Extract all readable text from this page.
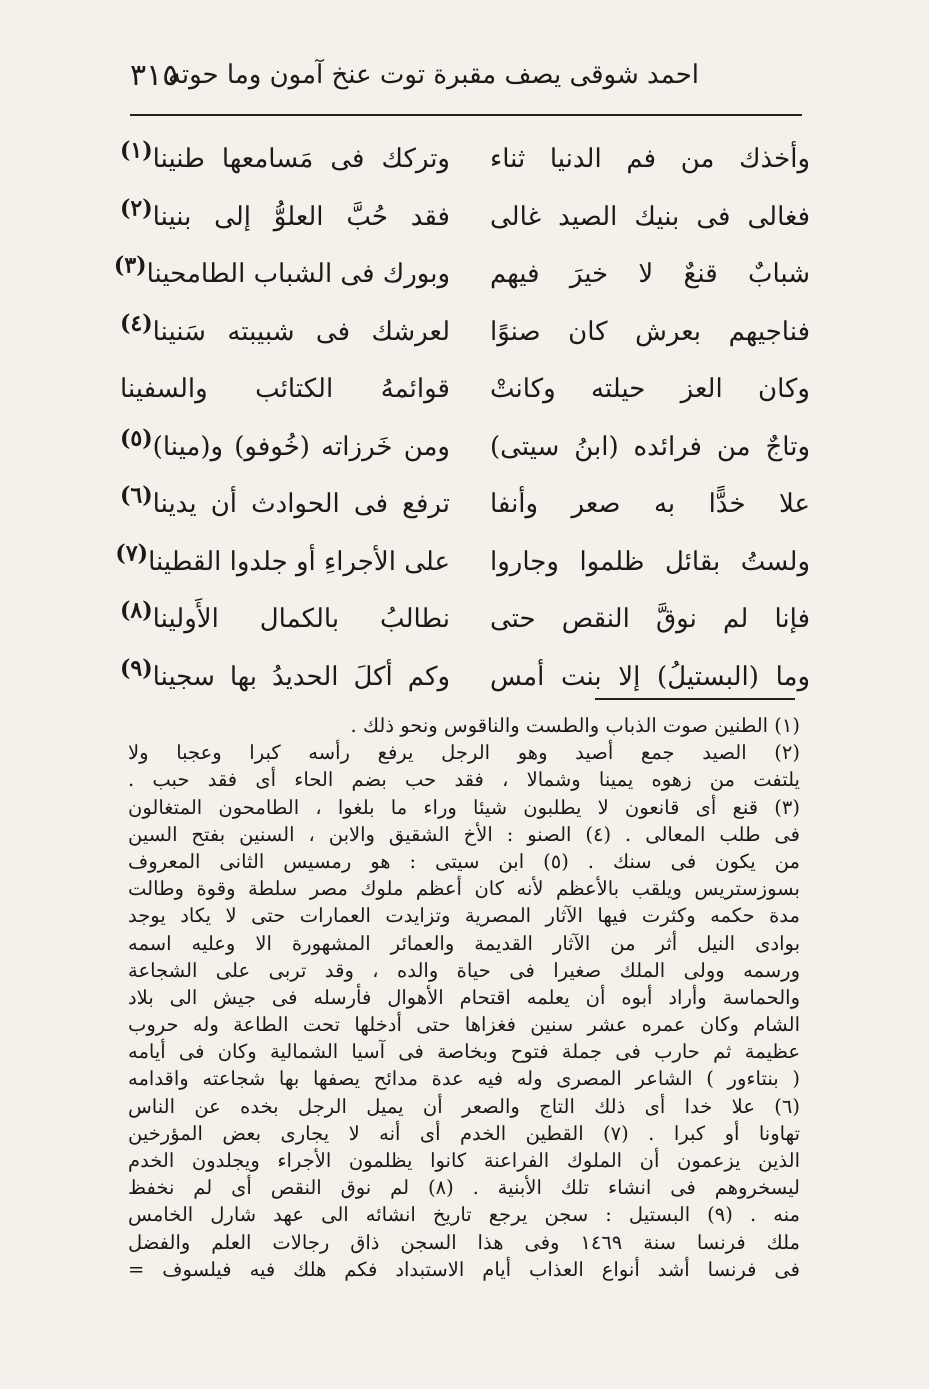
٣١٥
احمد شوقى يصف مقبرة توت عنخ آمون وما حوته
وأخذك من فم الدنيا ثناء
وتركك فى مَسامعها طنينا$^{(١)}$
فغالى فى بنيك الصيد غالى
فقد حُبَّ العلوُّ إلى بنينا$^{(٢)}$
شبابٌ قنعٌ لا خيرَ فيهم
وبورك فى الشباب الطامحينا$^{(٣)}$
فناجيهم بعرش كان صنوًا
لعرشك فى شبيبته سَنينا$^{(٤)}$
وكان العز حيلته وكانتْ
قوائمهُ الكتائب والسفينا
وتاجٌ من فرائده (ابنُ سيتى)
ومن خَرزاته (خُوفو) و(مينا)$^{(٥)}$
علا خدًّا به صعر وأنفا
ترفع فى الحوادث أن يدينا$^{(٦)}$
ولستُ بقائل ظلموا وجاروا
على الأجراءِ أو جلدوا القطينا$^{(٧)}$
فإنا لم نوقَّ النقص حتى
نطالبُ بالكمال الأَولينا$^{(٨)}$
وما (البستيلُ) إلا بنت أمس
وكم أكلَ الحديدُ بها سجينا$^{(٩)}$
(١) الطنين صوت الذباب والطست والناقوس ونحو ذلك .
(٢) الصيد جمع أصيد وهو الرجل يرفع رأسه كبرا وعجبا ولا
يلتفت من زهوه يمينا وشمالا ، فقد حب بضم الحاء أى فقد حبب .
(٣) قنع أى قانعون لا يطلبون شيئا وراء ما بلغوا ، الطامحون المتغالون
فى طلب المعالى . (٤) الصنو : الأخ الشقيق والابن ، السنين بفتح السين
من يكون فى سنك . (٥) ابن سيتى : هو رمسيس الثانى المعروف
بسوزستريس ويلقب بالأعظم لأنه كان أعظم ملوك مصر سلطة وقوة وطالت
مدة حكمه وكثرت فيها الآثار المصرية وتزايدت العمارات حتى لا يكاد يوجد
بوادى النيل أثر من الآثار القديمة والعمائر المشهورة الا وعليه اسمه
ورسمه وولى الملك صغيرا فى حياة والده ، وقد تربى على الشجاعة
والحماسة وأراد أبوه أن يعلمه اقتحام الأهوال فأرسله فى جيش الى بلاد
الشام وكان عمره عشر سنين فغزاها حتى أدخلها تحت الطاعة وله حروب
عظيمة ثم حارب فى جملة فتوح وبخاصة فى آسيا الشمالية وكان فى أيامه
( بنتاءور ) الشاعر المصرى وله فيه عدة مدائح يصفها بها شجاعته واقدامه
(٦) علا خدا أى ذلك التاج والصعر أن يميل الرجل بخده عن الناس
تهاونا أو كبرا . (٧) القطين الخدم أى أنه لا يجارى بعض المؤرخين
الذين يزعمون أن الملوك الفراعنة كانوا يظلمون الأجراء ويجلدون الخدم
ليسخروهم فى انشاء تلك الأبنية . (٨) لم نوق النقص أى لم نخفظ
منه . (٩) البستيل : سجن يرجع تاريخ انشائه الى عهد شارل الخامس
ملك فرنسا سنة ١٤٦٩ وفى هذا السجن ذاق رجالات العلم والفضل
فى فرنسا أشد أنواع العذاب أيام الاستبداد فكم هلك فيه فيلسوف =
